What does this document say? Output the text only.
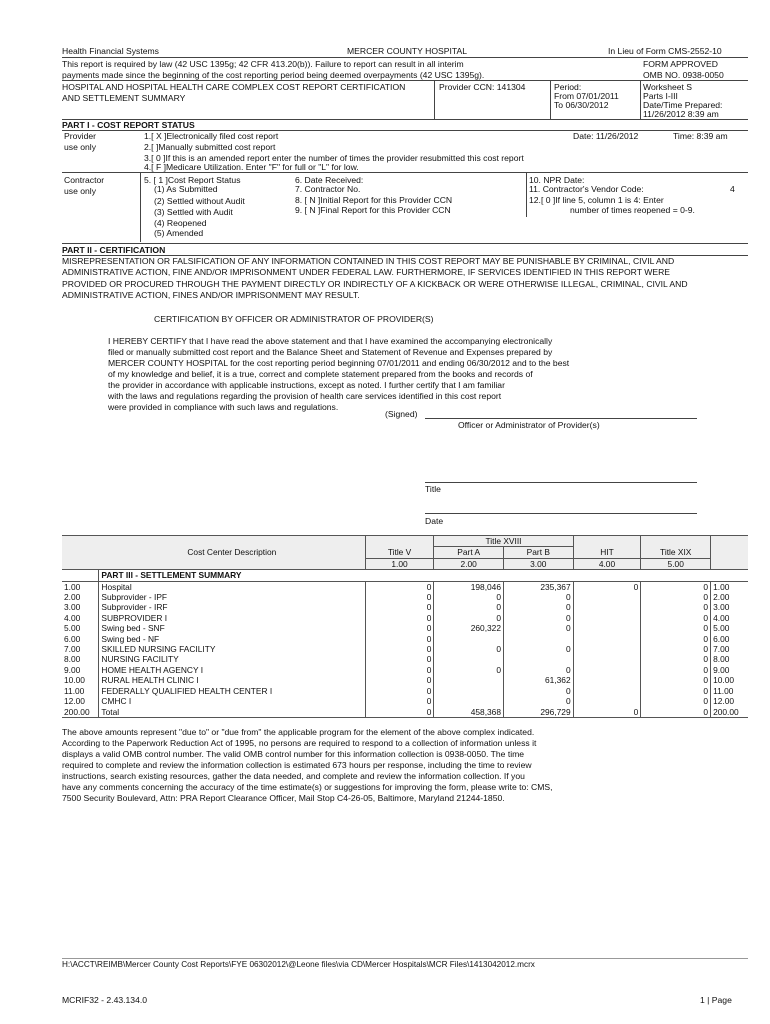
Health Financial Systems	MERCER COUNTY HOSPITAL	In Lieu of Form CMS-2552-10
This report is required by law (42 USC 1395g; 42 CFR 413.20(b)). Failure to report can result in all interim
payments made since the beginning of the cost reporting period being deemed overpayments (42 USC 1395g).
FORM APPROVED
OMB NO. 0938-0050
HOSPITAL AND HOSPITAL HEALTH CARE COMPLEX COST REPORT CERTIFICATION
AND SETTLEMENT SUMMARY
Provider CCN: 141304	Period:
From 07/01/2011
To 06/30/2012
Worksheet S
Parts I-III
Date/Time Prepared:
11/26/2012 8:39 am
PART I - COST REPORT STATUS
Provider
use only
1.[ X ]Electronically filed cost report	Date: 11/26/2012	Time: 8:39 am
2.[ ]Manually submitted cost report
3.[ 0 ]If this is an amended report enter the number of times the provider resubmitted this cost report
4.[ F ]Medicare Utilization. Enter "F" for full or "L" for low.
Contractor
use only
5. [ 1 ]Cost Report Status
(1) As Submitted
(2) Settled without Audit
(3) Settled with Audit
(4) Reopened
(5) Amended
6. Date Received:
7. Contractor No.
8. [ N ]Initial Report for this Provider CCN
9. [ N ]Final Report for this Provider CCN
10. NPR Date:
11. Contractor's Vendor Code:	4
12.[ 0 ]If line 5, column 1 is 4: Enter
number of times reopened = 0-9.
PART II - CERTIFICATION
MISREPRESENTATION OR FALSIFICATION OF ANY INFORMATION CONTAINED IN THIS COST REPORT MAY BE PUNISHABLE BY CRIMINAL, CIVIL AND
ADMINISTRATIVE ACTION, FINE AND/OR IMPRISONMENT UNDER FEDERAL LAW. FURTHERMORE, IF SERVICES IDENTIFIED IN THIS REPORT WERE
PROVIDED OR PROCURED THROUGH THE PAYMENT DIRECTLY OR INDIRECTLY OF A KICKBACK OR WERE OTHERWISE ILLEGAL, CRIMINAL, CIVIL AND
ADMINISTRATIVE ACTION, FINES AND/OR IMPRISONMENT MAY RESULT.
CERTIFICATION BY OFFICER OR ADMINISTRATOR OF PROVIDER(S)
I HEREBY CERTIFY that I have read the above statement and that I have examined the accompanying electronically
filed or manually submitted cost report and the Balance Sheet and Statement of Revenue and Expenses prepared by
MERCER COUNTY HOSPITAL for the cost reporting period beginning 07/01/2011 and ending 06/30/2012 and to the best
of my knowledge and belief, it is a true, correct and complete statement prepared from the books and records of
the provider in accordance with applicable instructions, except as noted. I further certify that I am familiar
with the laws and regulations regarding the provision of health care services identified in this cost report
were provided in compliance with such laws and regulations.
(Signed)
Officer or Administrator of Provider(s)
Title
Date
			Title XVIII				
	Cost Center Description	Title V	Part A	Part B	HIT	Title XIX	
		1.00	2.00	3.00	4.00	5.00	
	PART III - SETTLEMENT SUMMARY						
1.00	Hospital	0	198,046	235,367	0	0	1.00
2.00	Subprovider - IPF	0	0	0		0	2.00
3.00	Subprovider - IRF	0	0	0		0	3.00
4.00	SUBPROVIDER I	0	0	0		0	4.00
5.00	Swing bed - SNF	0	260,322	0		0	5.00
6.00	Swing bed - NF	0				0	6.00
7.00	SKILLED NURSING FACILITY	0	0	0		0	7.00
8.00	NURSING FACILITY	0				0	8.00
9.00	HOME HEALTH AGENCY I	0	0	0		0	9.00
10.00	RURAL HEALTH CLINIC I	0		61,362		0	10.00
11.00	FEDERALLY QUALIFIED HEALTH CENTER I	0		0		0	11.00
12.00	CMHC I	0		0		0	12.00
200.00	Total	0	458,368	296,729	0	0	200.00
The above amounts represent "due to" or "due from" the applicable program for the element of the above complex indicated.
According to the Paperwork Reduction Act of 1995, no persons are required to respond to a collection of information unless it
displays a valid OMB control number. The valid OMB control number for this information collection is 0938-0050. The time
required to complete and review the information collection is estimated 673 hours per response, including the time to review
instructions, search existing resources, gather the data needed, and complete and review the information collection. If you
have any comments concerning the accuracy of the time estimate(s) or suggestions for improving the form, please write to: CMS,
7500 Security Boulevard, Attn: PRA Report Clearance Officer, Mail Stop C4-26-05, Baltimore, Maryland 21244-1850.
H:\ACCT\REIMB\Mercer County Cost Reports\FYE 06302012\@Leone files\via CD\Mercer Hospitals\MCR Files\1413042012.mcrx
MCRIF32 - 2.43.134.0	1 | Page
